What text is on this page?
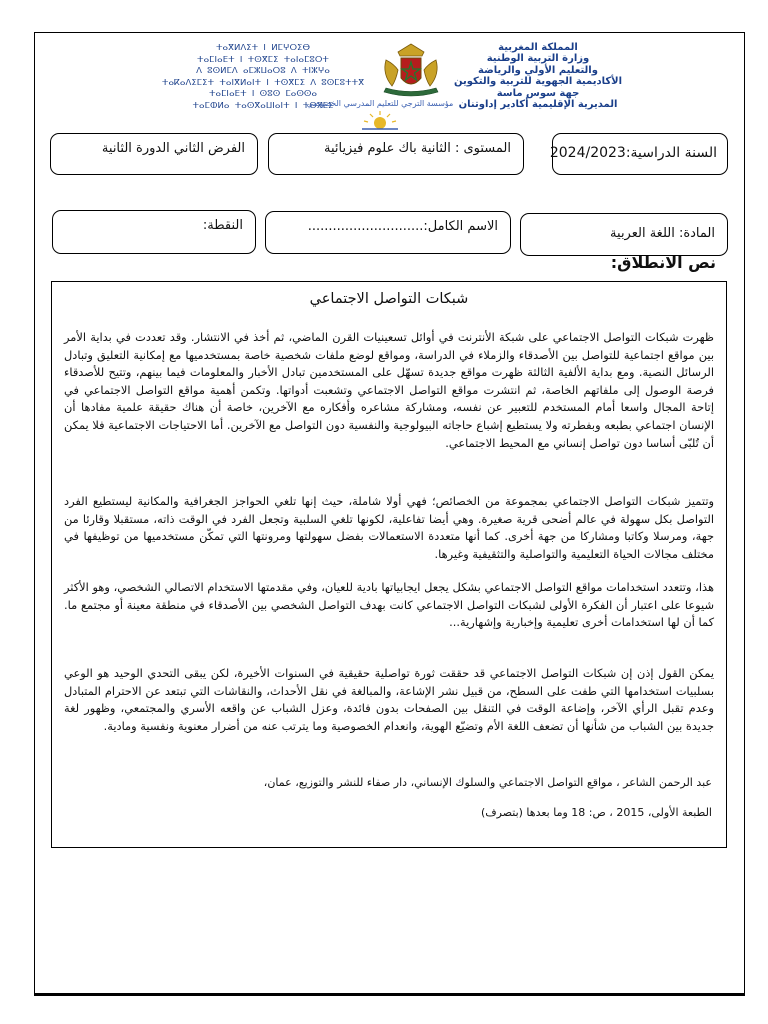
ⵜⴰⴳⵍⴷⵉⵜ ⵏ ⵍⵎⵖⵔⵉⴱ
ⵜⴰⵎⵏⴰⴹⵜ ⵏ ⵜⵙⴳⵎⵉ ⵜⴰⵏⴰⵎⵓⵔⵜ
ⴷ ⵓⵙⵍⵎⴷ ⴰⵎⵣⵡⴰⵔⵓ ⴷ ⵜⵏⵣⵖⴰ
ⵜⴰⴽⴰⴷⵉⵎⵉⵜ ⵜⴰⵏⴳⵍⴰⵏⵜ ⵏ ⵜⵙⴳⵎⵉ ⴷ ⵓⵙⵎⵓⵜⵜⴳ
ⵜⴰⵎⵏⴰⴹⵜ ⵏ ⵙⵓⵙ ⵎⴰⵙⵙⴰ
ⵜⴰⵎⵀⵍⴰ ⵜⴰⵙⴳⴰⵡⵏⴰⵏⵜ ⵏ ⵜⵙⴳⵎⵉ
المملكة المغربية
وزارة التربية الوطنية
والتعليم الأولي والرياضة
الأكاديمية الجهوية للتربية والتكوين
جهة سوس ماسة
المديرية الإقليمية أكادير إداوتنان
مؤسسة الترجي للتعليم المدرسي الخصوصي
السنة الدراسية:2024/2023
المستوى : الثانية باك علوم فيزيائية
الفرض الثاني الدورة الثانية
المادة: اللغة العربية
الاسم الكامل:............................
النقطة:
نص الانطلاق:
شبكات التواصل الاجتماعي
ظهرت شبكات التواصل الاجتماعي على شبكة الأنترنت في أوائل تسعينيات القرن الماضي، ثم أخذ في الانتشار. وقد تعددت في بداية الأمر بين مواقع اجتماعية للتواصل بين الأصدقاء والزملاء في الدراسة، ومواقع لوضع ملفات شخصية خاصة بمستخدميها مع إمكانية التعليق وتبادل الرسائل النصية. ومع بداية الألفية الثالثة ظهرت مواقع جديدة تسهّل على المستخدمين تبادل الأخبار والمعلومات فيما بينهم، وتتيح للأصدقاء فرصة الوصول إلى ملفاتهم الخاصة، ثم انتشرت مواقع التواصل الاجتماعي وتشعبت أدواتها. وتكمن أهمية مواقع التواصل الاجتماعي في إتاحة المجال واسعا أمام المستخدم للتعبير عن نفسه، ومشاركة مشاعره وأفكاره مع الآخرين، خاصة أن هناك حقيقة علمية مفادها أن الإنسان اجتماعي بطبعه وبفطرته ولا يستطيع إشباع حاجاته البيولوجية والنفسية دون التواصل مع الآخرين. أما الاحتياجات الاجتماعية فلا يمكن أن تُلبّى أساسا دون تواصل إنساني مع المحيط الاجتماعي.
وتتميز شبكات التواصل الاجتماعي بمجموعة من الخصائص؛ فهي أولا شاملة، حيث إنها تلغي الحواجز الجغرافية والمكانية ليستطيع الفرد التواصل بكل سهولة في عالم أضحى قرية صغيرة. وهي أيضا تفاعلية، لكونها تلغي السلبية وتجعل الفرد في الوقت ذاته، مستقبلا وقارئا من جهة، ومرسلا وكاتبا ومشاركا من جهة أخرى. كما أنها متعددة الاستعمالات بفضل سهولتها ومرونتها التي تمكّن مستخدميها من توظيفها في مختلف مجالات الحياة التعليمية والتواصلية والتثقيفية وغيرها.
هذا، وتتعدد استخدامات مواقع التواصل الاجتماعي بشكل يجعل ايجابياتها بادية للعيان، وفي مقدمتها الاستخدام الاتصالي الشخصي، وهو الأكثر شيوعا على اعتبار أن الفكرة الأولى لشبكات التواصل الاجتماعي كانت بهدف التواصل الشخصي بين الأصدقاء في منطقة معينة أو مجتمع ما. كما أن لها استخدامات أخرى تعليمية وإخبارية وإشهارية...
يمكن القول إذن إن شبكات التواصل الاجتماعي قد حققت ثورة تواصلية حقيقية في السنوات الأخيرة، لكن يبقى التحدي الوحيد هو الوعي بسلبيات استخدامها التي طفت على السطح، من قبيل نشر الإشاعة، والمبالغة في نقل الأحداث، والنقاشات التي تبتعد عن الاحترام المتبادل وعدم تقبل الرأي الآخر، وإضاعة الوقت في التنقل بين الصفحات بدون فائدة، وعزل الشباب عن واقعه الأسري والمجتمعي، وظهور لغة جديدة بين الشباب من شأنها أن تضعف اللغة الأم وتضيّع الهوية، وانعدام الخصوصية وما يترتب عنه من أضرار معنوية ونفسية ومادية.
عبد الرحمن الشاعر ، مواقع التواصل الاجتماعي والسلوك الإنساني، دار صفاء للنشر والتوزيع، عمان،
الطبعة الأولى، 2015 ، ص: 18 وما بعدها (بتصرف)
